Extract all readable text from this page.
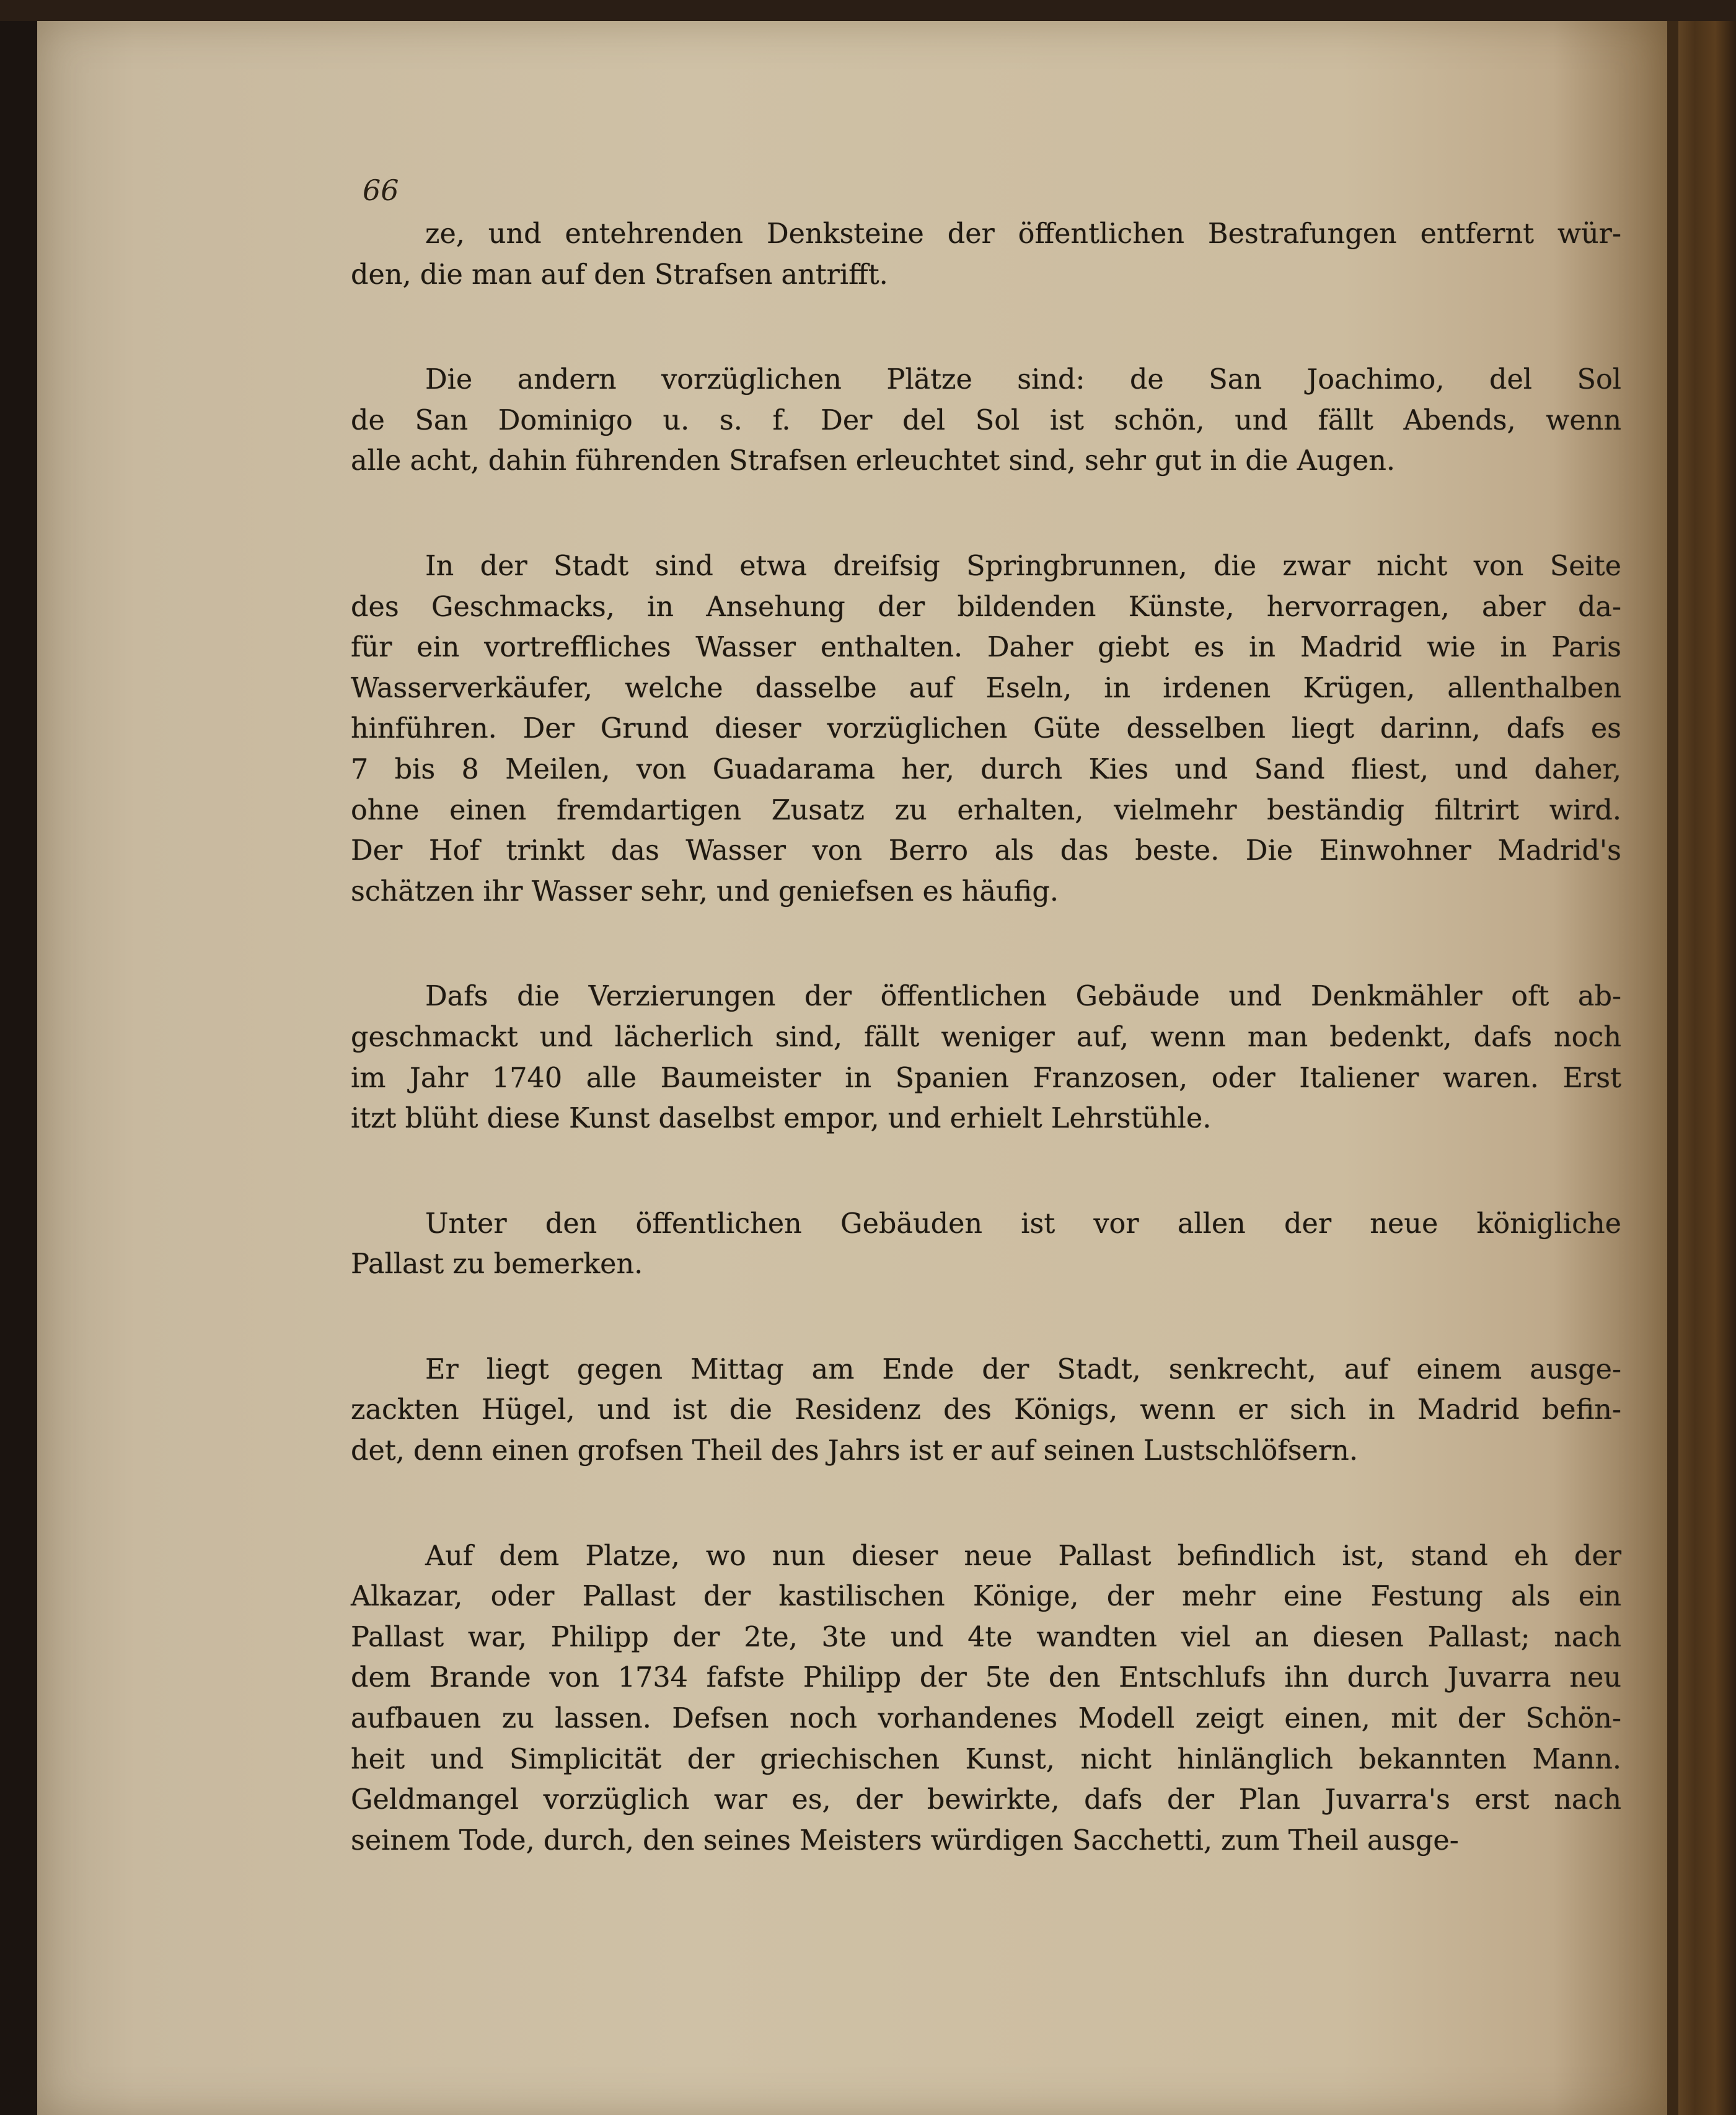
66
ze, und entehrenden Denksteine der öffentlichen Bestrafungen entfernt wür-
den, die man auf den Strafsen antrifft.
Die andern vorzüglichen Plätze sind: de San Joachimo, del Sol
de San Dominigo u. s. f. Der del Sol ist schön, und fällt Abends, wenn
alle acht, dahin führenden Strafsen erleuchtet sind, sehr gut in die Augen.
In der Stadt sind etwa dreifsig Springbrunnen, die zwar nicht von Seite
des Geschmacks, in Ansehung der bildenden Künste, hervorragen, aber da-
für ein vortreffliches Wasser enthalten. Daher giebt es in Madrid wie in Paris
Wasserverkäufer, welche dasselbe auf Eseln, in irdenen Krügen, allenthalben
hinführen. Der Grund dieser vorzüglichen Güte desselben liegt darinn, dafs es
7 bis 8 Meilen, von Guadarama her, durch Kies und Sand fliest, und daher,
ohne einen fremdartigen Zusatz zu erhalten, vielmehr beständig filtrirt wird.
Der Hof trinkt das Wasser von Berro als das beste. Die Einwohner Madrid's
schätzen ihr Wasser sehr, und geniefsen es häufig.
Dafs die Verzierungen der öffentlichen Gebäude und Denkmähler oft ab-
geschmackt und lächerlich sind, fällt weniger auf, wenn man bedenkt, dafs noch
im Jahr 1740 alle Baumeister in Spanien Franzosen, oder Italiener waren. Erst
itzt blüht diese Kunst daselbst empor, und erhielt Lehrstühle.
Unter den öffentlichen Gebäuden ist vor allen der neue königliche
Pallast zu bemerken.
Er liegt gegen Mittag am Ende der Stadt, senkrecht, auf einem ausge-
zackten Hügel, und ist die Residenz des Königs, wenn er sich in Madrid befin-
det, denn einen grofsen Theil des Jahrs ist er auf seinen Lustschlöfsern.
Auf dem Platze, wo nun dieser neue Pallast befindlich ist, stand eh der
Alkazar, oder Pallast der kastilischen Könige, der mehr eine Festung als ein
Pallast war, Philipp der 2te, 3te und 4te wandten viel an diesen Pallast; nach
dem Brande von 1734 fafste Philipp der 5te den Entschlufs ihn durch Juvarra neu
aufbauen zu lassen. Defsen noch vorhandenes Modell zeigt einen, mit der Schön-
heit und Simplicität der griechischen Kunst, nicht hinlänglich bekannten Mann.
Geldmangel vorzüglich war es, der bewirkte, dafs der Plan Juvarra's erst nach
seinem Tode, durch, den seines Meisters würdigen Sacchetti, zum Theil ausge-
